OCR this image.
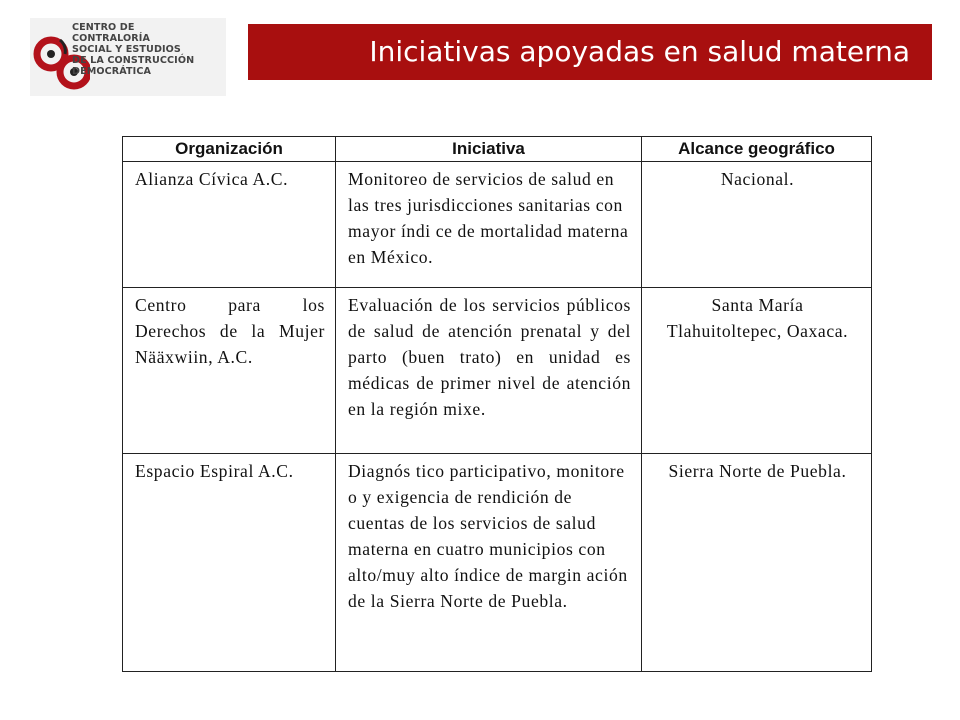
CENTRO DE
CONTRALORÍA
SOCIAL Y ESTUDIOS
DE LA CONSTRUCCIÓN
DEMOCRÁTICA
Iniciativas apoyadas en salud materna
Organización	Iniciativa	Alcance geográfico
Alianza Cívica A.C.	Monitoreo de servicios de salud en las tres jurisdicciones sanitarias con mayor índi ce de mortalidad materna en México.	Nacional.
Centro para los Derechos de la Mujer Nääxwiin, A.C.	Evaluación de los servicios públicos de salud de atención prenatal y del parto (buen trato) en unidad es médicas de primer nivel de atención en la región mixe.	Santa María Tlahuitoltepec, Oaxaca.
Espacio Espiral A.C.	Diagnós tico participativo, monitore o y exigencia de rendición de cuentas de los servicios de salud materna en cuatro municipios con alto/muy alto índice de margin ación de la Sierra Norte de Puebla.	Sierra Norte de Puebla.
